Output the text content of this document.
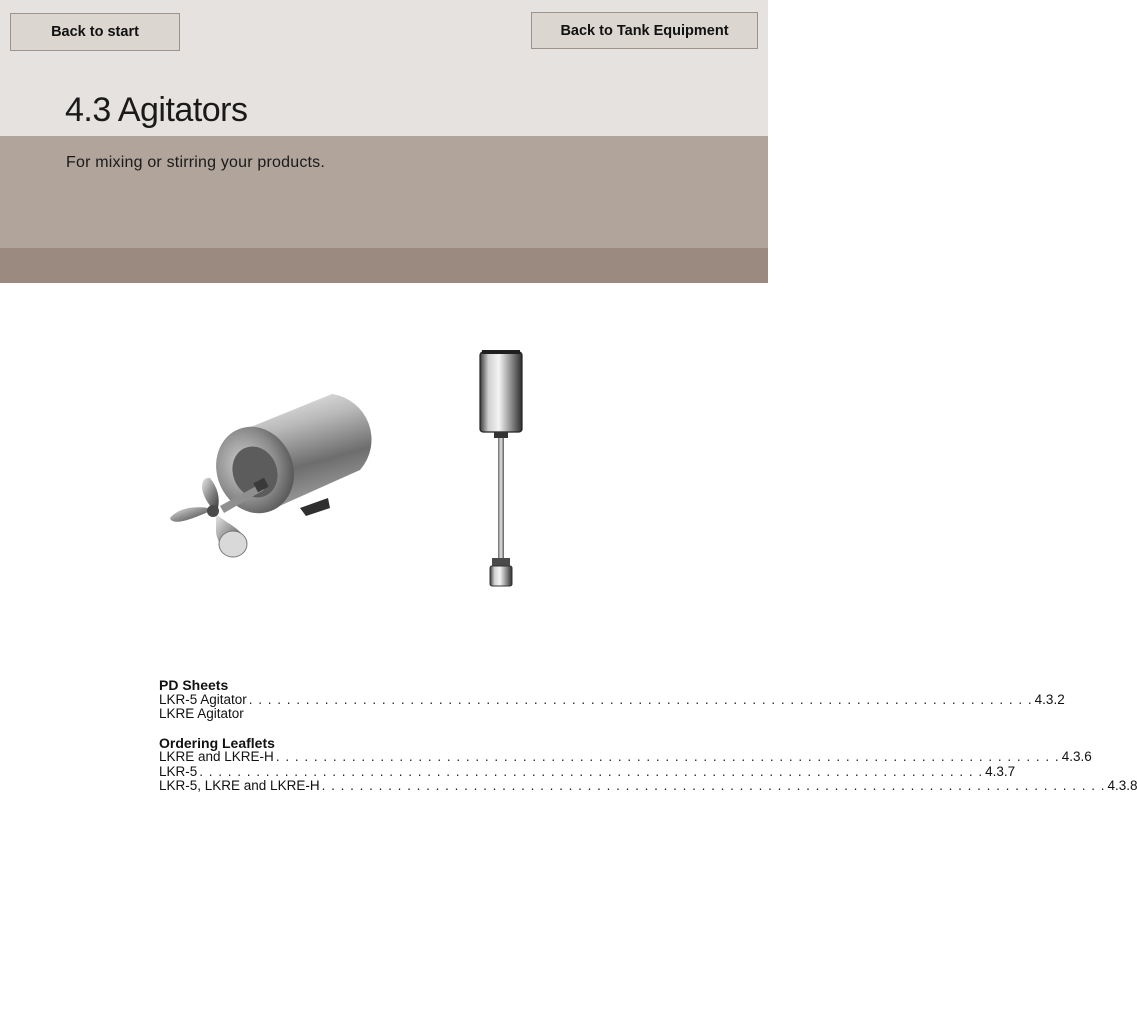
Back to start	Back to Tank Equipment
4.3 Agitators

For mixing or stirring your products.

PD Sheets

LKR-5 Agitator . . . . . . . . . . . . . . . . . . . . . . . . . . . . . . . . . . . . . . . . . . . . . . . . . . . . . . . . . . . . . . . . . . . . . . . . . . . . . . . . . . . 4.3.2
LKRE Agitator

Ordering Leaflets

LKRE and LKRE-H . . . . . . . . . . . . . . . . . . . . . . . . . . . . . . . . . . . . . . . . . . . . . . . . . . . . . . . . . . . . . . . . . . . . . . . . . . . . . . . . . . . 4.3.6
LKR-5 . . . . . . . . . . . . . . . . . . . . . . . . . . . . . . . . . . . . . . . . . . . . . . . . . . . . . . . . . . . . . . . . . . . . . . . . . . . . . . . . . . . 4.3.7
LKR-5, LKRE and LKRE-H . . . . . . . . . . . . . . . . . . . . . . . . . . . . . . . . . . . . . . . . . . . . . . . . . . . . . . . . . . . . . . . . . . . . . . . . . . . . . . . . . . . 4.3.8
